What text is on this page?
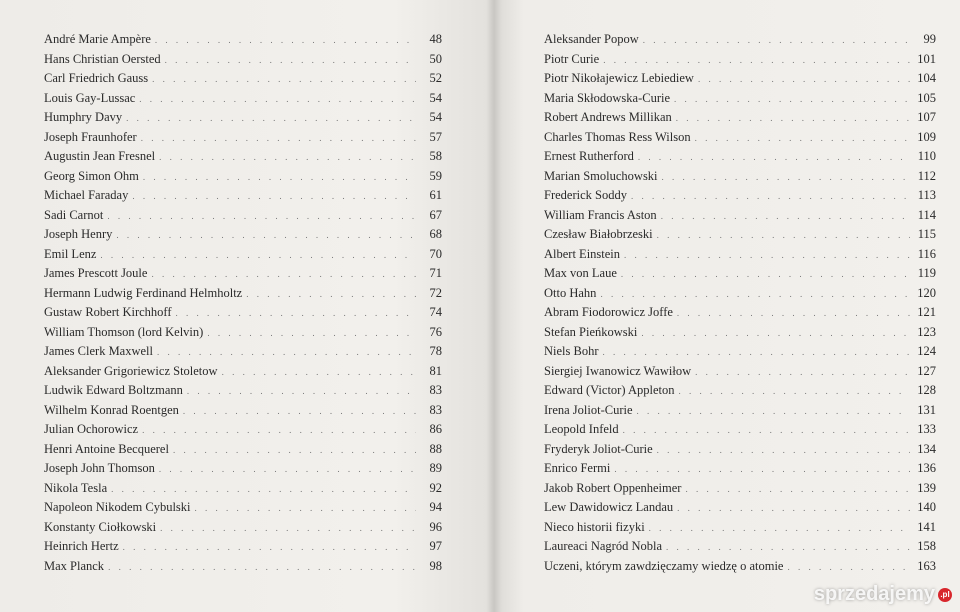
André Marie Ampère . . .	48
Hans Christian Oersted . . .	50
Carl Friedrich Gauss . . .	52
Louis Gay-Lussac . . .	54
Humphry Davy . . .	54
Joseph Fraunhofer . . .	57
Augustin Jean Fresnel . . .	58
Georg Simon Ohm . . .	59
Michael Faraday . . .	61
Sadi Carnot . . .	67
Joseph Henry . . .	68
Emil Lenz . . .	70
James Prescott Joule . . .	71
Hermann Ludwig Ferdinand Helmholtz . . .	72
Gustaw Robert Kirchhoff . . .	74
William Thomson (lord Kelvin) . . .	76
James Clerk Maxwell . . .	78
Aleksander Grigoriewicz Stoletow . . .	81
Ludwik Edward Boltzmann . . .	83
Wilhelm Konrad Roentgen . . .	83
Julian Ochorowicz . . .	86
Henri Antoine Becquerel . . .	88
Joseph John Thomson . . .	89
Nikola Tesla . . .	92
Napoleon Nikodem Cybulski . . .	94
Konstanty Ciołkowski . . .	96
Heinrich Hertz . . .	97
Max Planck . . .	98
Aleksander Popow . . .	99
Piotr Curie . . .	101
Piotr Nikołajewicz Lebiediew . . .	104
Maria Skłodowska-Curie . . .	105
Robert Andrews Millikan . . .	107
Charles Thomas Ress Wilson . . .	109
Ernest Rutherford . . .	110
Marian Smoluchowski . . .	112
Frederick Soddy . . .	113
William Francis Aston . . .	114
Czesław Białobrzeski . . .	115
Albert Einstein . . .	116
Max von Laue . . .	119
Otto Hahn . . .	120
Abram Fiodorowicz Joffe . . .	121
Stefan Pieńkowski . . .	123
Niels Bohr . . .	124
Siergiej Iwanowicz Wawiłow . . .	127
Edward (Victor) Appleton . . .	128
Irena Joliot-Curie . . .	131
Leopold Infeld . . .	133
Fryderyk Joliot-Curie . . .	134
Enrico Fermi . . .	136
Jakob Robert Oppenheimer . . .	139
Lew Dawidowicz Landau . . .	140
Nieco historii fizyki . . .	141
Laureaci Nagród Nobla . . .	158
Uczeni, którym zawdzięczamy wiedzę o atomie . . .	163
sprzedajemy .pl
